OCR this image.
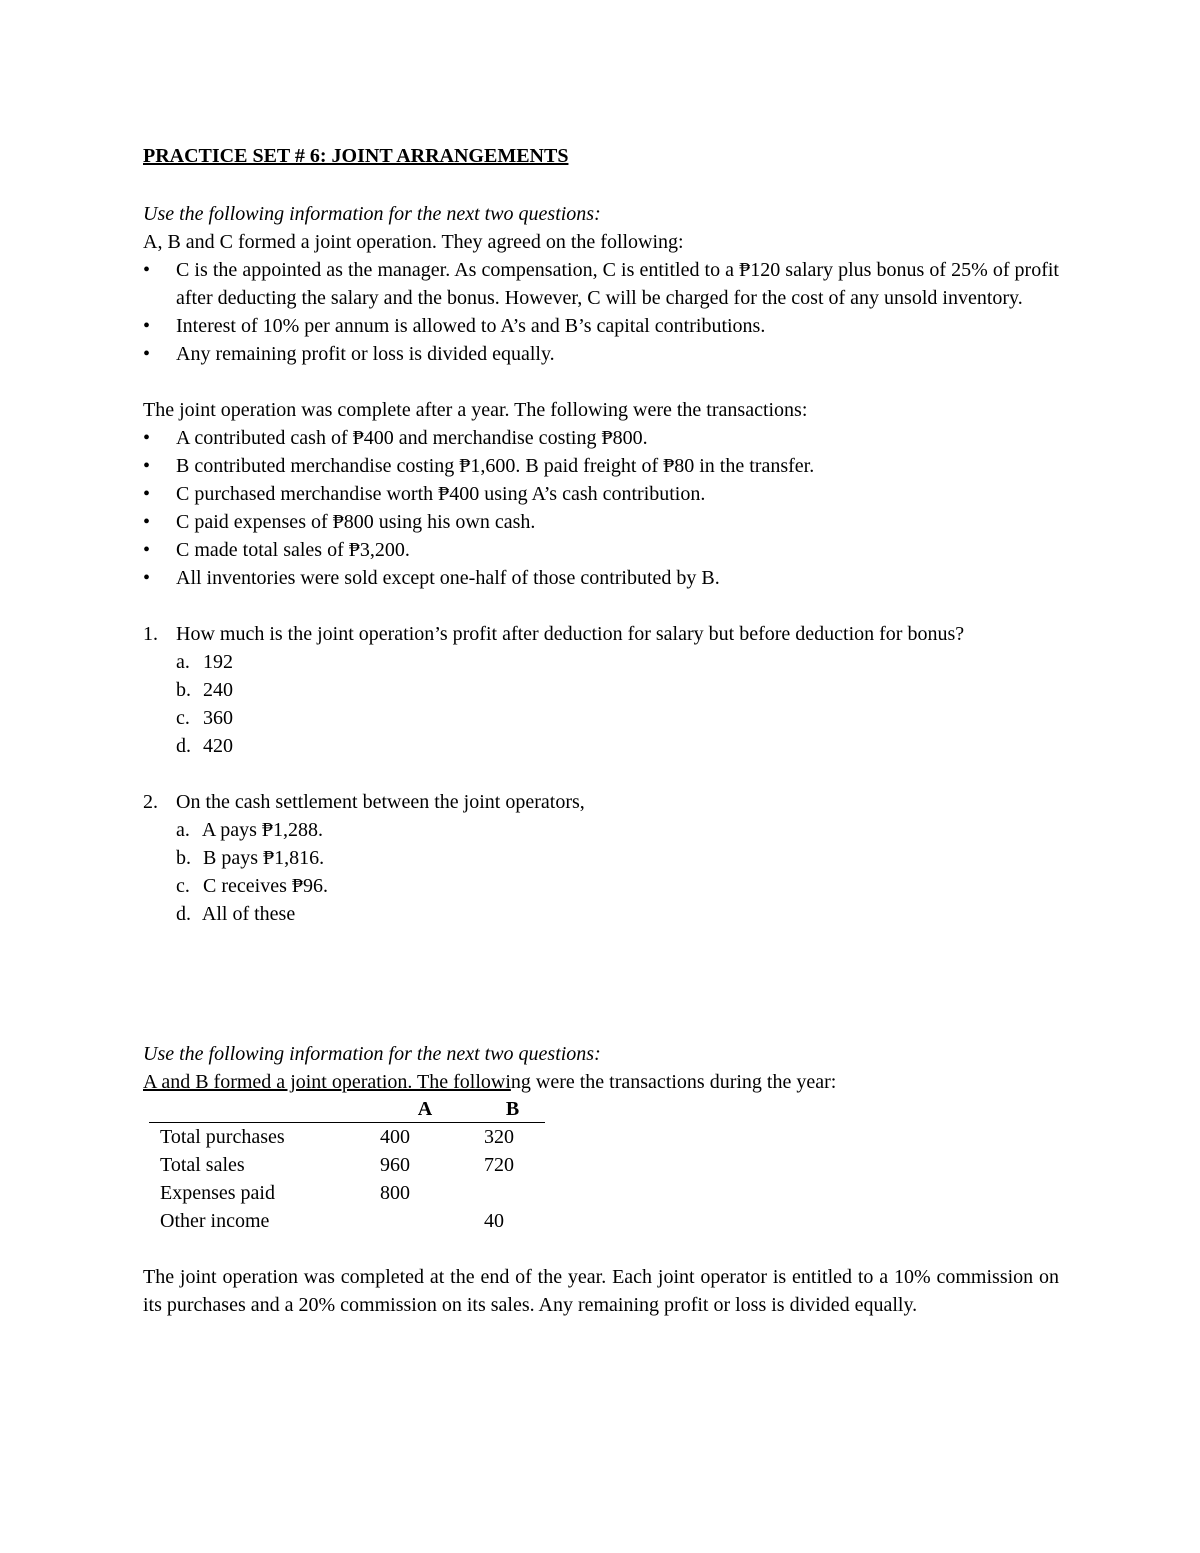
PRACTICE SET # 6: JOINT ARRANGEMENTS
Use the following information for the next two questions:
A, B and C formed a joint operation. They agreed on the following:
• C is the appointed as the manager. As compensation, C is entitled to a ₱120 salary plus bonus of 25% of profit after deducting the salary and the bonus. However, C will be charged for the cost of any unsold inventory.
• Interest of 10% per annum is allowed to A’s and B’s capital contributions.
• Any remaining profit or loss is divided equally.
The joint operation was complete after a year. The following were the transactions:
• A contributed cash of ₱400 and merchandise costing ₱800.
• B contributed merchandise costing ₱1,600. B paid freight of ₱80 in the transfer.
• C purchased merchandise worth ₱400 using A’s cash contribution.
• C paid expenses of ₱800 using his own cash.
• C made total sales of ₱3,200.
• All inventories were sold except one-half of those contributed by B.
1. How much is the joint operation’s profit after deduction for salary but before deduction for bonus?
a. 192
b. 240
c. 360
d. 420
2. On the cash settlement between the joint operators,
a. A pays ₱1,288.
b. B pays ₱1,816.
c. C receives ₱96.
d. All of these
Use the following information for the next two questions:
A and B formed a joint operation. The following were the transactions during the year:
	A	B
Total purchases	400	320
Total sales	960	720
Expenses paid	800	
Other income		40
The joint operation was completed at the end of the year. Each joint operator is entitled to a 10% commission on its purchases and a 20% commission on its sales. Any remaining profit or loss is divided equally.
